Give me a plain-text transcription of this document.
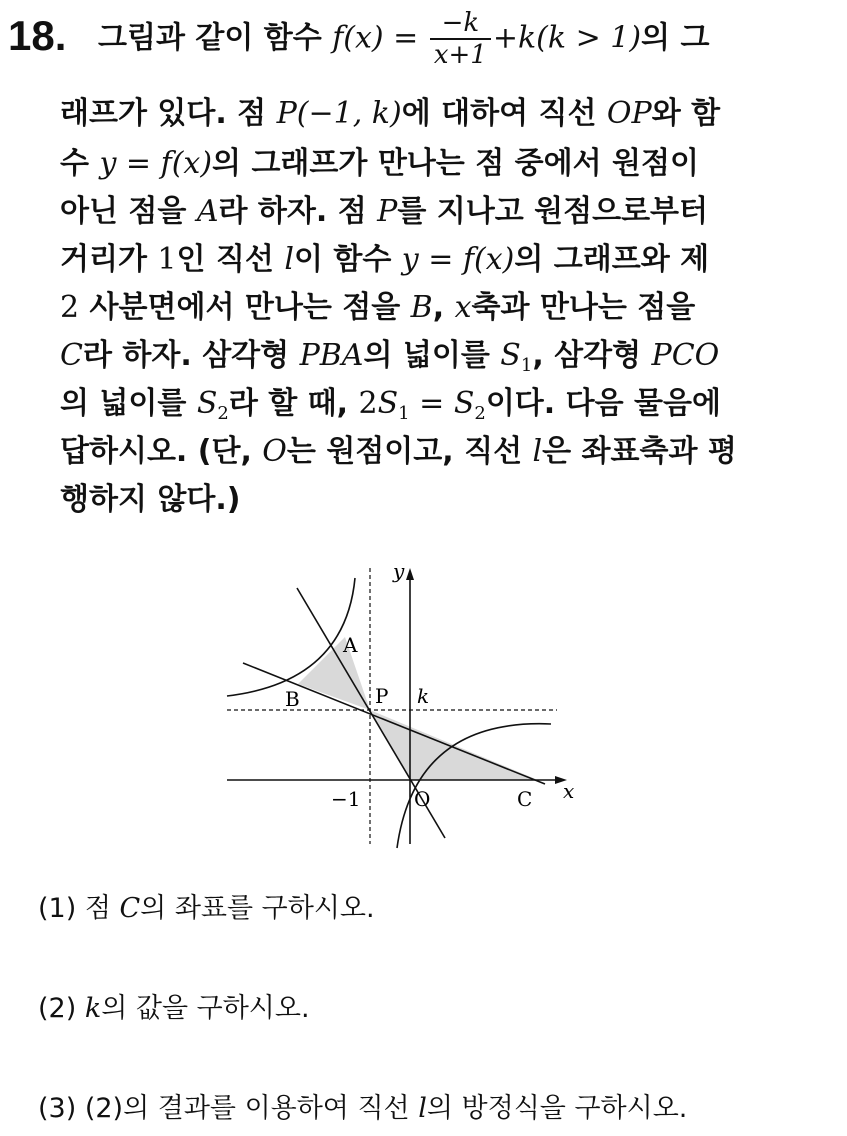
18. 그림과 같이 함수 $f(x) = \frac{-k}{x+1} +k(k > 1)$의 그
래프가 있다. 점 P(−1, k)에 대하여 직선 OP와 함
수 y = f(x)의 그래프가 만나는 점 중에서 원점이
아닌 점을 A라 하자. 점 P를 지나고 원점으로부터
거리가 1인 직선 l이 함수 y = f(x)의 그래프와 제
2 사분면에서 만나는 점을 B, x축과 만나는 점을
C라 하자. 삼각형 PBA의 넓이를 $S_1$, 삼각형 PCO
의 넓이를 $S_2$라 할 때, $2S_1 = S_2$이다. 다음 물음에
답하시오. (단, O는 원점이고, 직선 l은 좌표축과 평
행하지 않다.)
y
x
A
B	P k
−1	O	C
(1) 점 C의 좌표를 구하시오.
(2) k의 값을 구하시오.
(3) (2)의 결과를 이용하여 직선 l의 방정식을 구하시오.
